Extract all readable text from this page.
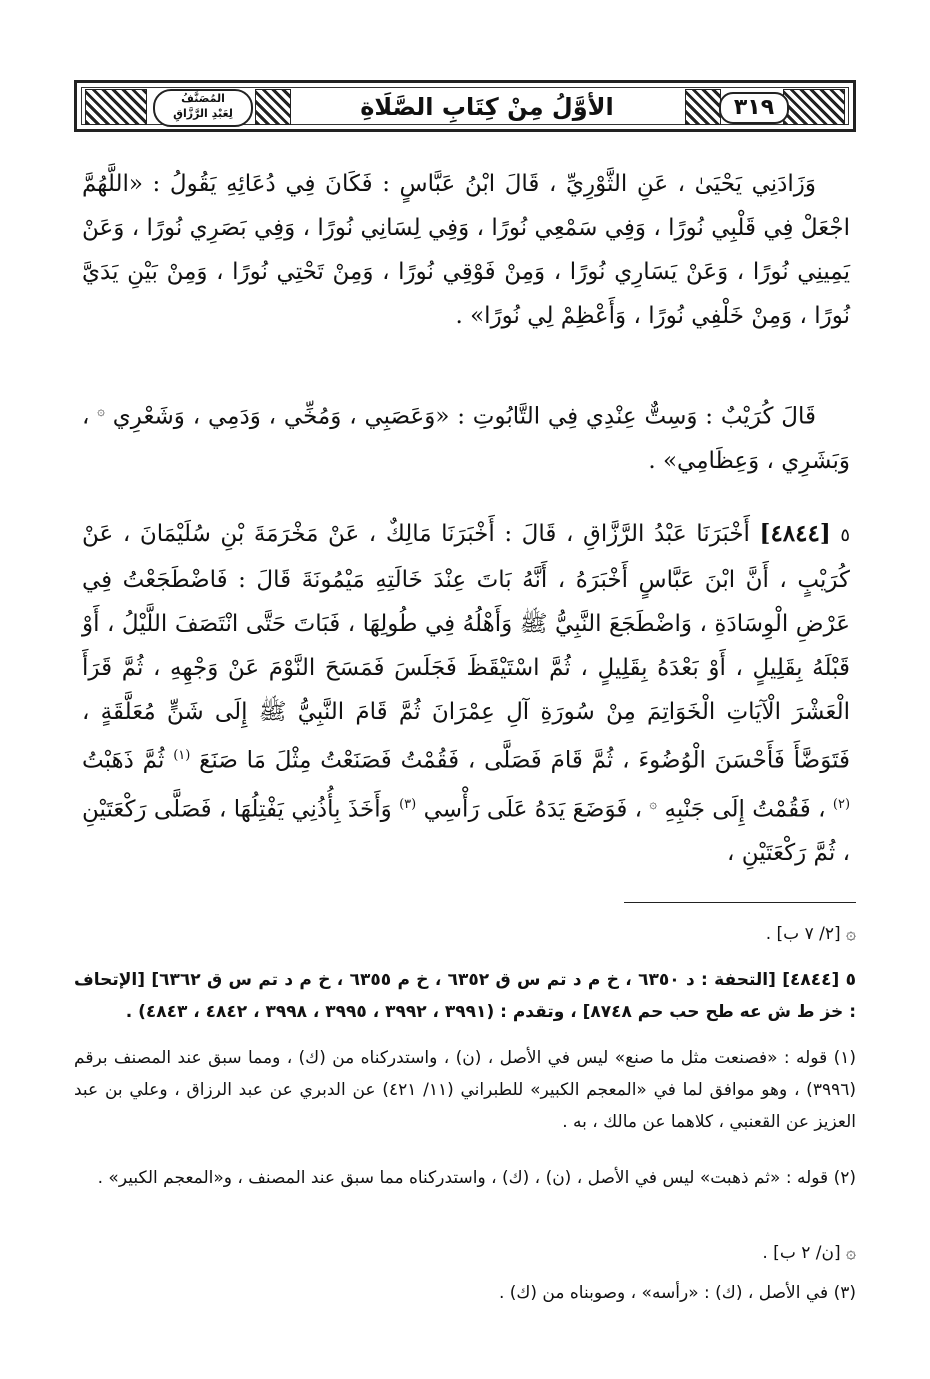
٣١٩
الأوَّلُ مِنْ كِتَابِ الصَّلَاةِ
المُصَنَّفُ
لِعَبْدِ الرَّزَّاقِ
وَزَادَنِي يَحْيَىٰ ، عَنِ الثَّوْرِيِّ ، قَالَ ابْنُ عَبَّاسٍ : فَكَانَ فِي دُعَائِهِ يَقُولُ : «اللَّهُمَّ اجْعَلْ فِي قَلْبِي نُورًا ، وَفِي سَمْعِي نُورًا ، وَفِي لِسَانِي نُورًا ، وَفِي بَصَرِي نُورًا ، وَعَنْ يَمِينِي نُورًا ، وَعَنْ يَسَارِي نُورًا ، وَمِنْ فَوْقِي نُورًا ، وَمِنْ تَحْتِي نُورًا ، وَمِنْ بَيْنِ يَدَيَّ نُورًا ، وَمِنْ خَلْفِي نُورًا ، وَأَعْظِمْ لِي نُورًا» .
قَالَ كُرَيْبٌ : وَسِتٌّ عِنْدِي فِي التَّابُوتِ : «وَعَصَبِي ، وَمُخِّي ، وَدَمِي ، وَشَعْرِي ۞ ، وَبَشَرِي ، وَعِظَامِي» .
٥ [٤٨٤٤] أَخْبَرَنَا عَبْدُ الرَّزَّاقِ ، قَالَ : أَخْبَرَنَا مَالِكٌ ، عَنْ مَخْرَمَةَ بْنِ سُلَيْمَانَ ، عَنْ كُرَيْبٍ ، أَنَّ ابْنَ عَبَّاسٍ أَخْبَرَهُ ، أَنَّهُ بَاتَ عِنْدَ خَالَتِهِ مَيْمُونَةَ قَالَ : فَاضْطَجَعْتُ فِي عَرْضِ الْوِسَادَةِ ، وَاضْطَجَعَ النَّبِيُّ ﷺ وَأَهْلُهُ فِي طُولِهَا ، فَبَاتَ حَتَّى انْتَصَفَ اللَّيْلُ ، أَوْ قَبْلَهُ بِقَلِيلٍ ، أَوْ بَعْدَهُ بِقَلِيلٍ ، ثُمَّ اسْتَيْقَظَ فَجَلَسَ فَمَسَحَ النَّوْمَ عَنْ وَجْهِهِ ، ثُمَّ قَرَأَ الْعَشْرَ الْآيَاتِ الْخَوَاتِمَ مِنْ سُورَةِ آلِ عِمْرَانَ ثُمَّ قَامَ النَّبِيُّ ﷺ إِلَى شَنٍّ مُعَلَّقَةٍ ، فَتَوَضَّأَ فَأَحْسَنَ الْوُضُوءَ ، ثُمَّ قَامَ فَصَلَّى ، فَقُمْتُ فَصَنَعْتُ مِثْلَ مَا صَنَعَ $^{(١)}$ ثُمَّ ذَهَبْتُ $^{(٢)}$ ، فَقُمْتُ إِلَى جَنْبِهِ ۞ ، فَوَضَعَ يَدَهُ عَلَى رَأْسِي $^{(٣)}$ وَأَخَذَ بِأُذُنِي يَفْتِلُهَا ، فَصَلَّى رَكْعَتَيْنِ ، ثُمَّ رَكْعَتَيْنِ ،
۞ [٢/ ٧ ب] .
٥ [٤٨٤٤] [التحفة : د ٦٣٥٠ ، خ م د تم س ق ٦٣٥٢ ، خ م ٦٣٥٥ ، خ م د تم س ق ٦٣٦٢] [الإتحاف : خز ط ش عه طح حب حم ٨٧٤٨] ، وتقدم : (٣٩٩١ ، ٣٩٩٢ ، ٣٩٩٥ ، ٣٩٩٨ ، ٤٨٤٢ ، ٤٨٤٣) .
(١) قوله : «فصنعت مثل ما صنع» ليس في الأصل ، (ن) ، واستدركناه من (ك) ، ومما سبق عند المصنف برقم (٣٩٩٦) ، وهو موافق لما في «المعجم الكبير» للطبراني (١١/ ٤٢١) عن الدبري عن عبد الرزاق ، وعلي بن عبد العزيز عن القعنبي ، كلاهما عن مالك ، به .
(٢) قوله : «ثم ذهبت» ليس في الأصل ، (ن) ، (ك) ، واستدركناه مما سبق عند المصنف ، و«المعجم الكبير» .
۞ [ن/ ٢ ب] .
(٣) في الأصل ، (ك) : «رأسه» ، وصوبناه من (ك) .
